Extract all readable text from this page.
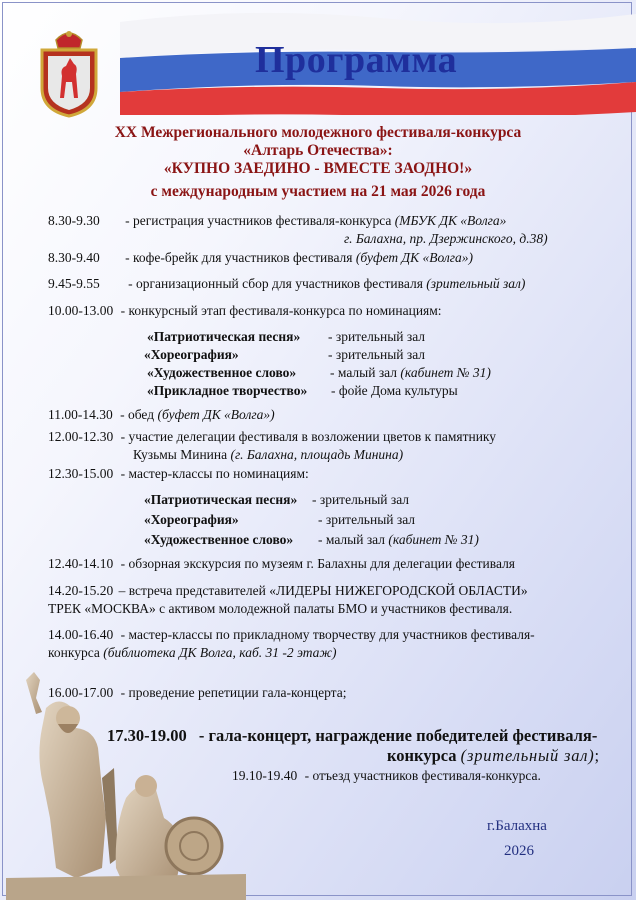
Программа
XX Межрегионального молодежного фестиваля-конкурса
«Алтарь Отечества»:
«КУПНО ЗАЕДИНО - ВМЕСТЕ ЗАОДНО!»
с международным участием на 21 мая 2026 года
8.30-9.30 - регистрация участников фестиваля-конкурса (МБУК ДК «Волга»
г. Балахна, пр. Дзержинского, д.38)
8.30-9.40 - кофе-брейк для участников фестиваля (буфет ДК «Волга»)
9.45-9.55 - организационный сбор для участников фестиваля (зрительный зал)
10.00-13.00 - конкурсный этап фестиваля-конкурса по номинациям:
«Патриотическая песня» - зрительный зал
«Хореография»	- зрительный зал
«Художественное слово»	- малый зал (кабинет № 31)
«Прикладное творчество» - фойе Дома культуры
11.00-14.30 - обед (буфет ДК «Волга»)
12.00-12.30 - участие делегации фестиваля в возложении цветов к памятнику
Кузьмы Минина (г. Балахна, площадь Минина)
12.30-15.00 - мастер-классы по номинациям:
«Патриотическая песня» - зрительный зал
«Хореография»	- зрительный зал
«Художественное слово» - малый зал (кабинет № 31)
12.40-14.10 - обзорная экскурсия по музеям г. Балахны для делегации фестиваля
14.20-15.20 – встреча представителей «ЛИДЕРЫ НИЖЕГОРОДСКОЙ ОБЛАСТИ»
ТРЕК «МОСКВА» с активом молодежной палаты БМО и участников фестиваля.
14.00-16.40 - мастер-классы по прикладному творчеству для участников фестиваля-
конкурса (библиотека ДК Волга, каб. 31 -2 этаж)
16.00-17.00 - проведение репетиции гала-концерта;
17.30-19.00 - гала-концерт, награждение победителей фестиваля-
конкурса (зрительный зал);
19.10-19.40 - отъезд участников фестиваля-конкурса.
г.Балахна
2026
